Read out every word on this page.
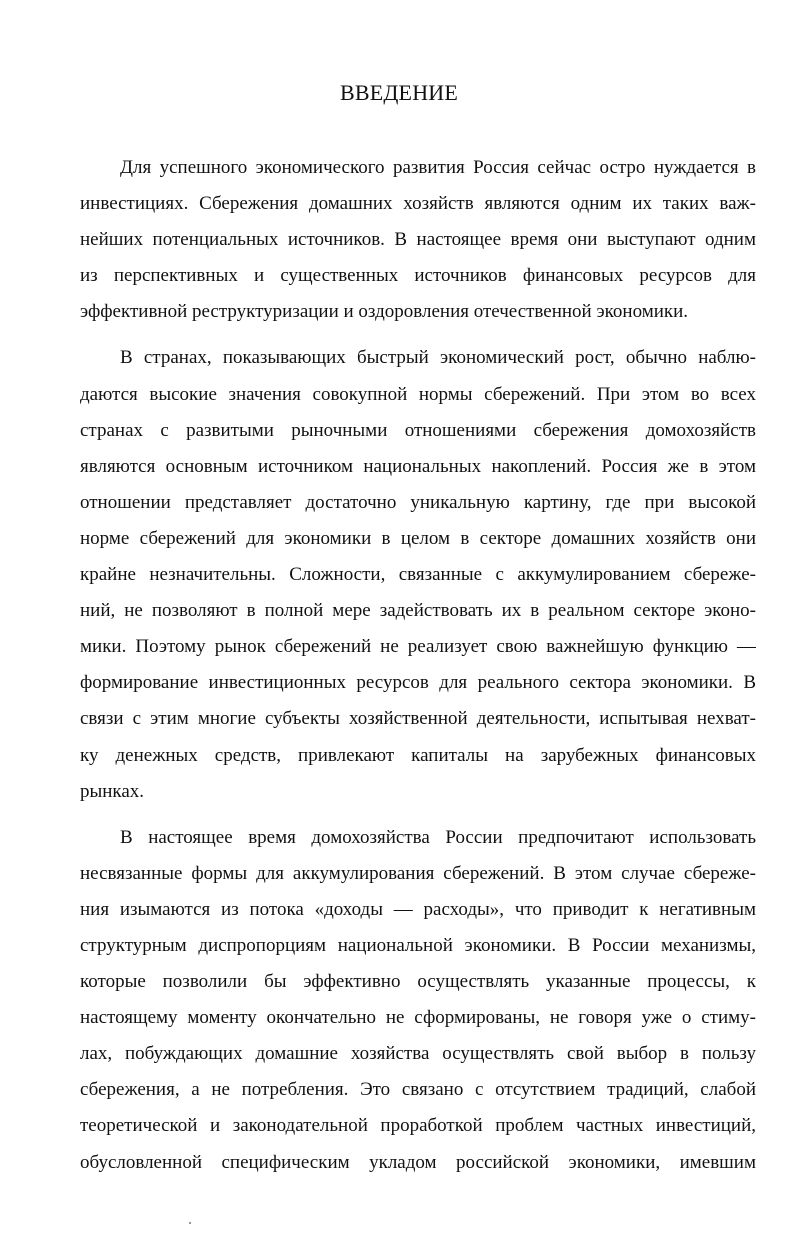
ВВЕДЕНИЕ
Для успешного экономического развития Россия сейчас остро нуждается в
инвестициях. Сбережения домашних хозяйств являются одним их таких важ-
нейших потенциальных источников. В настоящее время они выступают одним
из перспективных и существенных источников финансовых ресурсов для
эффективной реструктуризации и оздоровления отечественной экономики.
В странах, показывающих быстрый экономический рост, обычно наблю-
даются высокие значения совокупной нормы сбережений. При этом во всех
странах с развитыми рыночными отношениями сбережения домохозяйств
являются основным источником национальных накоплений. Россия же в этом
отношении представляет достаточно уникальную картину, где при высокой
норме сбережений для экономики в целом в секторе домашних хозяйств они
крайне незначительны. Сложности, связанные с аккумулированием сбереже-
ний, не позволяют в полной мере задействовать их в реальном секторе эконо-
мики. Поэтому рынок сбережений не реализует свою важнейшую функцию —
формирование инвестиционных ресурсов для реального сектора экономики. В
связи с этим многие субъекты хозяйственной деятельности, испытывая нехват-
ку денежных средств, привлекают капиталы на зарубежных финансовых
рынках.
В настоящее время домохозяйства России предпочитают использовать
несвязанные формы для аккумулирования сбережений. В этом случае сбереже-
ния изымаются из потока «доходы — расходы», что приводит к негативным
структурным диспропорциям национальной экономики. В России механизмы,
которые позволили бы эффективно осуществлять указанные процессы, к
настоящему моменту окончательно не сформированы, не говоря уже о стиму-
лах, побуждающих домашние хозяйства осуществлять свой выбор в пользу
сбережения, а не потребления. Это связано с отсутствием традиций, слабой
теоретической и законодательной проработкой проблем частных инвестиций,
обусловленной специфическим укладом российской экономики, имевшим
